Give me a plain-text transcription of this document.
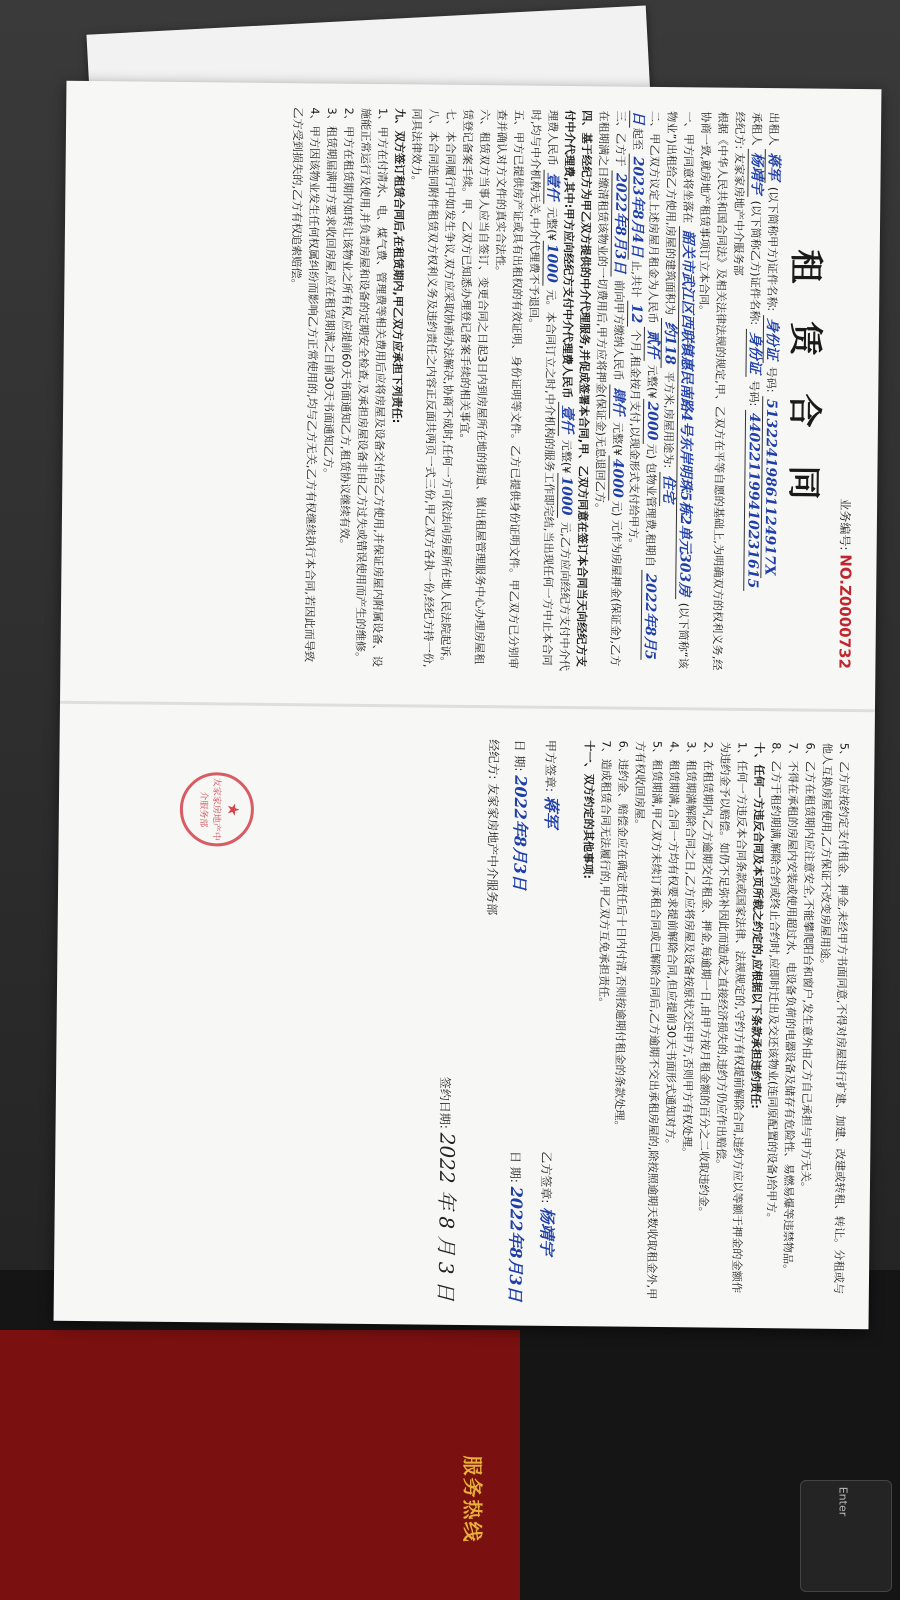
服务热线	Enter
业务编号: NO.Z0000732
租赁合同

出租人 蒋军 (以下简称甲方)证件名称: 身份证 号码: 51322419861124917X

承租人 杨靖宇 (以下简称乙方)证件名称: 身份证 号码: 440221199410231615

经纪方: 友家家房地产中介服务部

根据《中华人民共和国合同法》及相关法律法规的规定,甲、乙双方在平等自愿的基础上,为明确双方的权利义务,经协商一致,就房地产租赁事项订立本合同。

一、甲方同意将坐落在 韶关市武江区西联镇惠民南路4号东岸明珠5栋2单元303房 (以下简称“该物业”)出租给乙方使用,房屋的建筑面积为 约118 平方米,房屋用途为: 住宅

二、甲乙双方议定上述房屋月租金为人民币 贰仟 元整(¥2000元) 包物业管理费,租期自 2022年8月5日起至 2023年8月4日止,共计 12 个月,租金按月支付,以现金形式支付给甲方。

三、乙方于 2022年8月3日 前向甲方缴纳人民币 肆仟 元整(¥4000元) 元作为房屋押金(保证金),乙方在租期满之日缴清租赁该物业的一切费用后,甲方应将押金(保证金)无息退回乙方。

四、基于经纪方为甲乙双方提供的中介代理服务,并促成签署本合同,甲、乙双方同意在签订本合同当天向经纪方支付中介代理费,其中:甲方应向经纪方支付中介代理费人民币 壹仟 元整(¥1000 元,乙方应向经纪方支付中介代理费人民币 壹仟 元整(¥1000 元。本合同订立之时,中介机构的服务工作即完结,当出现任何一方中止本合同时,均与中介机构无关,中介代理费不予退回。

五、甲方已提供房产证或具有出租权的有效证明、身份证明等文件。乙方已提供身份证明文件。甲乙双方已分别审查并确认对方文件的真实合法性。

六、租赁双方当事人应当自签订、变更合同之日起3日内到房屋所在地的街道、镇出租屋管理服务中心办理房屋租赁登记备案手续。甲、乙双方已知悉办理登记备案手续的相关事宜。

七、本合同履行中如发生争议,双方应采取协商办法解决,协商不成时,任何一方可依法向房屋所在地人民法院起诉。

八、本合同连同附件租赁双方权利义务及违约责任之内容正反面共两页一式三份,甲乙双方各执一份,经纪方持一份,同具法律效力。

九、双方签订租赁合同后,在租赁期内,甲乙双方应承担下列责任:

1、甲方在付清水、电、煤气费、管理费等相关费用后应将房屋及设备交付给乙方使用,并保证房屋内附属设备、设施能正常运行及使用,并负责房屋和设备的定期安全检查,及承担房屋设备非由乙方过失或错误使用而产生的维修。

2、甲方在租赁期内如转让该物业之所有权,应提前60天书面通知乙方,租赁协议继续有效。

3、租赁期届满甲方要求收回房屋,应在租赁期满之日前30天书面通知乙方。

4、甲方因该物业发生任何权属纠纷而影响乙方正常使用的,均与乙方无关,乙方有权继续执行本合同,若因此而导致乙方受到损失的,乙方有权追索赔偿。

5、乙方应按约定支付租金、押金,未经甲方书面同意,不得对房屋进行扩建、加建、改建或转租、转让。分租或与他人互换房屋使用,乙方保证不改变房屋用途。

6、乙方在租赁期内应注意安全,不能攀爬阳台和窗户,发生意外由乙方自己承担与甲方无关。

7、不得在承租的房屋内安装或使用超过水、电设备负荷的电器设备及储存有危险性、易燃易爆等违禁物品。

8、乙方于租约期满,解除合约或终止合约时,应即时迁出及交还该物业(连同原配置的设备)给甲方。

十、任何一方违反合同及本页所载之约定的,应根据以下条款承担违约责任:

1、任何一方违反本合同条款或国家法律、法规规定的,守约方有权提前解除合同,违约方应以等额于押金的金额作为违约金予以赔偿。如仍不足弥补因此而造成之直接经济损失的,违约方仍应作出赔偿。

2、在租赁期内,乙方逾期交付租金、押金,每逾期一日,由甲方按月租金额的百分之二收取违约金。

3、租赁期满解除合同之日,乙方应将房屋及设备按原状交还甲方,否则甲方有权处理。

4、租赁期满,合同一方均有权要求提前解除合同,但应提前30天书面形式通知对方。

5、租赁期满,甲乙双方未续订承租合同或已解除合同后,乙方逾期不交出承租房屋的,除按照逾期天数收取租金外,甲方有权收回房屋。

6、违约金、赔偿金应在确定责任后十日内付清,否则按逾期付租金的条款处理。

7、造成租赁合同无法履行的,甲乙双方互免承担责任。

十一、双方约定的其他事项:

甲方签章: 蒋军
日 期: 2022年8月3日
经纪方: 友家家房地产中介服务部
乙方签章: 杨靖宇
日 期: 2022年8月3日
签约日期: 2022 年 8 月 3 日
★
友家家房地产中介服务部
